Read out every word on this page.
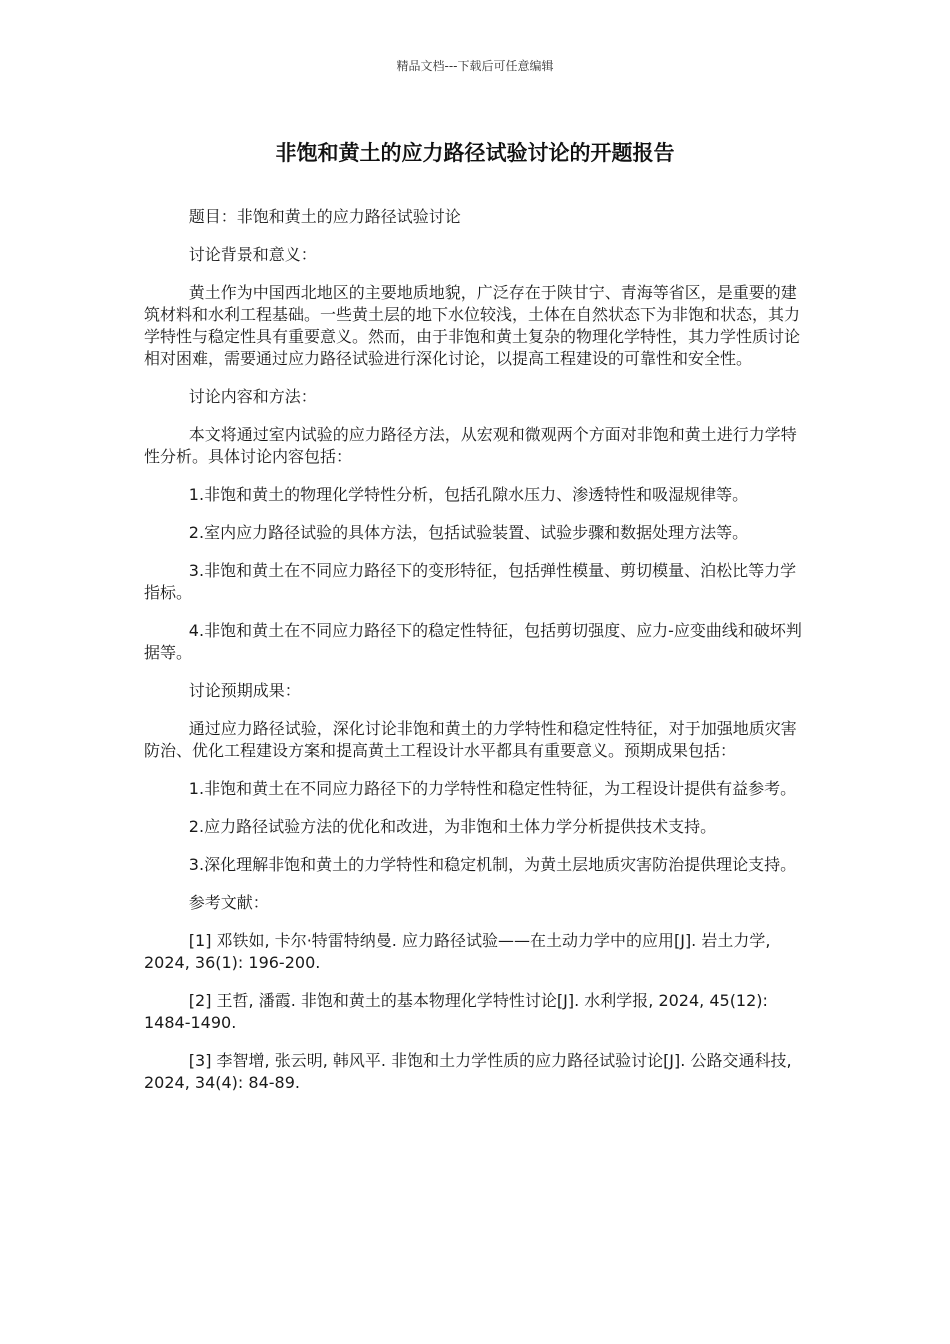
精品文档---下载后可任意编辑
非饱和黄土的应力路径试验讨论的开题报告

题目：非饱和黄土的应力路径试验讨论

讨论背景和意义：

黄土作为中国西北地区的主要地质地貌，广泛存在于陕甘宁、青海等省区，是重要的建筑材料和水利工程基础。一些黄土层的地下水位较浅，土体在自然状态下为非饱和状态，其力学特性与稳定性具有重要意义。然而，由于非饱和黄土复杂的物理化学特性，其力学性质讨论相对困难，需要通过应力路径试验进行深化讨论，以提高工程建设的可靠性和安全性。

讨论内容和方法：

本文将通过室内试验的应力路径方法，从宏观和微观两个方面对非饱和黄土进行力学特性分析。具体讨论内容包括：

1.非饱和黄土的物理化学特性分析，包括孔隙水压力、渗透特性和吸湿规律等。

2.室内应力路径试验的具体方法，包括试验装置、试验步骤和数据处理方法等。

3.非饱和黄土在不同应力路径下的变形特征，包括弹性模量、剪切模量、泊松比等力学指标。

4.非饱和黄土在不同应力路径下的稳定性特征，包括剪切强度、应力-应变曲线和破坏判据等。

讨论预期成果：

通过应力路径试验，深化讨论非饱和黄土的力学特性和稳定性特征，对于加强地质灾害防治、优化工程建设方案和提高黄土工程设计水平都具有重要意义。预期成果包括：

1.非饱和黄土在不同应力路径下的力学特性和稳定性特征，为工程设计提供有益参考。

2.应力路径试验方法的优化和改进，为非饱和土体力学分析提供技术支持。

3.深化理解非饱和黄土的力学特性和稳定机制，为黄土层地质灾害防治提供理论支持。

参考文献：

[1] 邓铁如, 卡尔·特雷特纳曼. 应力路径试验——在土动力学中的应用[J]. 岩土力学, 2024, 36(1): 196-200.

[2] 王哲, 潘霞. 非饱和黄土的基本物理化学特性讨论[J]. 水利学报, 2024, 45(12): 1484-1490.

[3] 李智增, 张云明, 韩风平. 非饱和土力学性质的应力路径试验讨论[J]. 公路交通科技, 2024, 34(4): 84-89.
